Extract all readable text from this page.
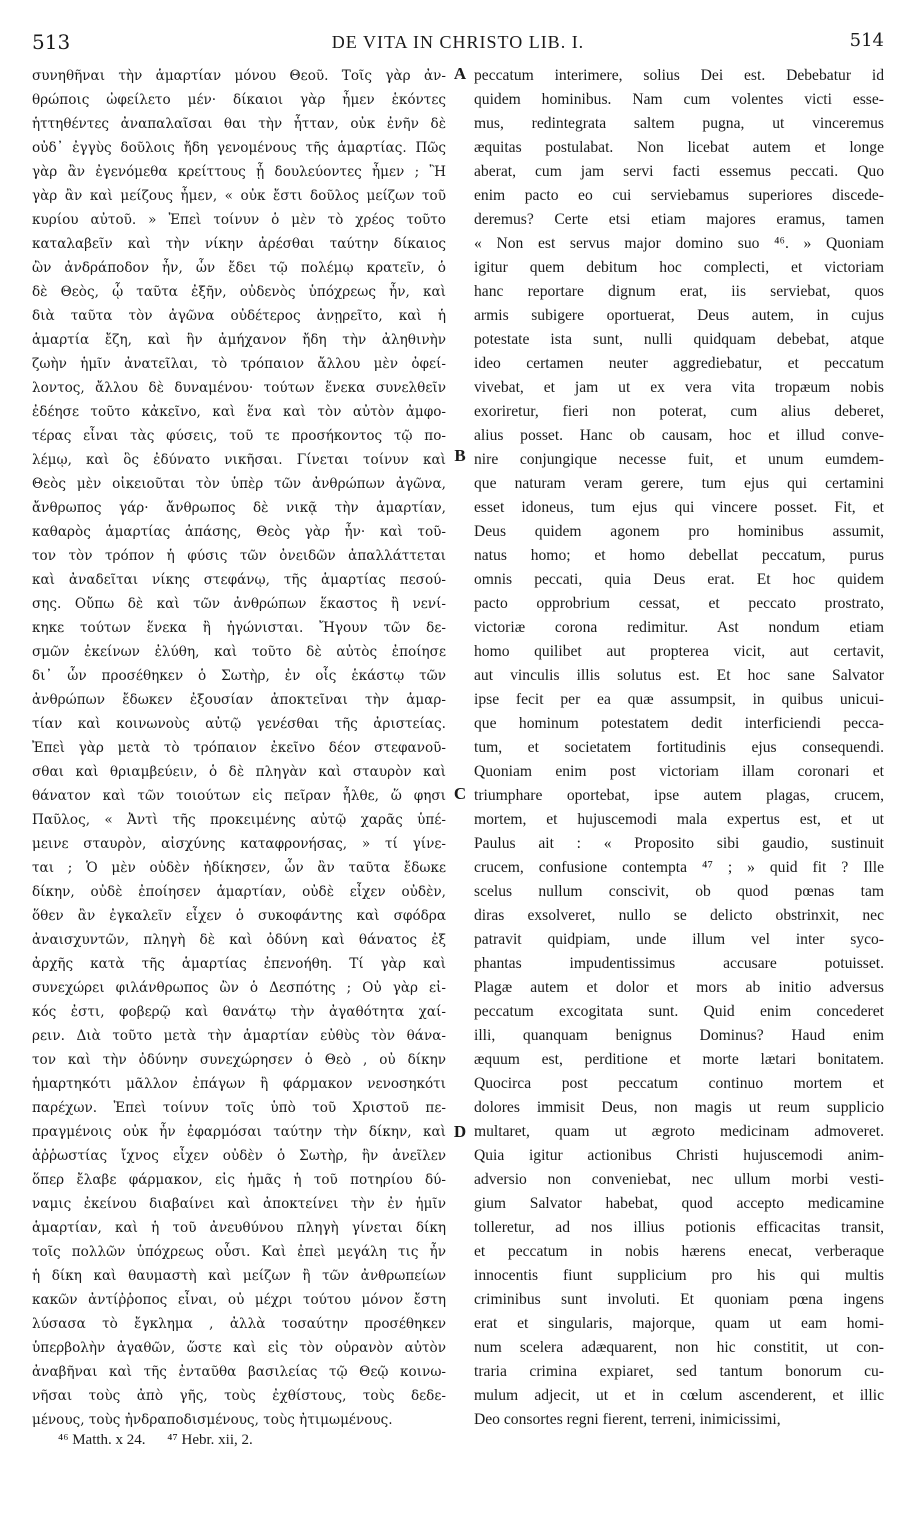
513	DE VITA IN CHRISTO LIB. I.	514
συνηθῆναι τὴν ἁμαρτίαν μόνου Θεοῦ. Τοῖς γὰρ ἀν-
θρώποις ὠφείλετο μέν· δίκαιοι γὰρ ἦμεν ἑκόντες
ἡττηθέντες ἀναπαλαῖσαι θαι τὴν ἧτταν, οὐκ ἐνῆν δὲ
οὐδ᾽ ἐγγὺς δοῦλοις ἤδη γενομένους τῆς ἁμαρτίας. Πῶς
γὰρ ἂν ἐγενόμεθα κρείττους ᾗ δουλεύοντες ἦμεν ; Ἢ
γὰρ ἂν καὶ μείζους ἦμεν, « οὐκ ἔστι δοῦλος μείζων τοῦ
κυρίου αὐτοῦ. » Ἐπεὶ τοίνυν ὁ μὲν τὸ χρέος τοῦτο
καταλαβεῖν καὶ τὴν νίκην ἀρέσθαι ταύτην δίκαιος
ὢν ἀνδράποδον ἦν, ὧν ἔδει τῷ πολέμῳ κρατεῖν, ὁ
δὲ Θεὸς, ᾧ ταῦτα ἐξῆν, οὐδενὸς ὑπόχρεως ἦν, καὶ
διὰ ταῦτα τὸν ἀγῶνα οὐδέτερος ἀνῃρεῖτο, καὶ ἡ
ἁμαρτία ἔζη, καὶ ἣν ἀμήχανον ἤδη τὴν ἀληθινὴν
ζωὴν ἡμῖν ἀνατεῖλαι, τὸ τρόπαιον ἄλλου μὲν ὀφεί-
λοντος, ἄλλου δὲ δυναμένου· τούτων ἕνεκα συνελθεῖν
ἐδέησε τοῦτο κἀκεῖνο, καὶ ἕνα καὶ τὸν αὐτὸν ἀμφο-
τέρας εἶναι τὰς φύσεις, τοῦ τε προσήκοντος τῷ πο-
λέμῳ, καὶ ὃς ἐδύνατο νικῆσαι. Γίνεται τοίνυν καὶ
Θεὸς μὲν οἰκειοῦται τὸν ὑπὲρ τῶν ἀνθρώπων ἀγῶνα,
ἄνθρωπος γάρ· ἄνθρωπος δὲ νικᾷ τὴν ἁμαρτίαν,
καθαρὸς ἁμαρτίας ἁπάσης, Θεὸς γὰρ ἦν· καὶ τοῦ-
τον τὸν τρόπον ἡ φύσις τῶν ὀνειδῶν ἀπαλλάττεται
καὶ ἀναδεῖται νίκης στεφάνῳ, τῆς ἁμαρτίας πεσού-
σης. Οὔπω δὲ καὶ τῶν ἀνθρώπων ἕκαστος ἢ νενί-
κηκε τούτων ἕνεκα ἢ ἠγώνισται. Ἤγουν τῶν δε-
σμῶν ἐκείνων ἐλύθη, καὶ τοῦτο δὲ αὐτὸς ἐποίησε
δι᾽ ὧν προσέθηκεν ὁ Σωτὴρ, ἐν οἷς ἑκάστῳ τῶν
ἀνθρώπων ἔδωκεν ἐξουσίαν ἀποκτεῖναι τὴν ἁμαρ-
τίαν καὶ κοινωνοὺς αὐτῷ γενέσθαι τῆς ἀριστείας.
Ἐπεὶ γὰρ μετὰ τὸ τρόπαιον ἐκεῖνο δέον στεφανοῦ-
σθαι καὶ θριαμβεύειν, ὁ δὲ πληγὰν καὶ σταυρὸν καὶ
θάνατον καὶ τῶν τοιούτων εἰς πεῖραν ἦλθε, ὥ φησι
Παῦλος, « Ἀντὶ τῆς προκειμένης αὐτῷ χαρᾶς ὑπέ-
μεινε σταυρὸν, αἰσχύνης καταφρονήσας, » τί γίνε-
ται ; Ὁ μὲν οὐδὲν ἠδίκησεν, ὧν ἂν ταῦτα ἔδωκε
δίκην, οὐδὲ ἐποίησεν ἁμαρτίαν, οὐδὲ εἶχεν οὐδὲν,
ὅθεν ἂν ἐγκαλεῖν εἶχεν ὁ συκοφάντης καὶ σφόδρα
ἀναισχυντῶν, πληγὴ δὲ καὶ ὀδύνη καὶ θάνατος ἐξ
ἀρχῆς κατὰ τῆς ἁμαρτίας ἐπενοήθη. Τί γὰρ καὶ
συνεχώρει φιλάνθρωπος ὢν ὁ Δεσπότης ; Οὐ γὰρ εἰ-
κός ἐστι, φοβερῷ καὶ θανάτῳ τὴν ἀγαθότητα χαί-
ρειν. Διὰ τοῦτο μετὰ τὴν ἁμαρτίαν εὐθὺς τὸν θάνα-
τον καὶ τὴν ὀδύνην συνεχώρησεν ὁ Θεὸ , οὐ δίκην
ἡμαρτηκότι μᾶλλον ἐπάγων ἢ φάρμακον νενοσηκότι
παρέχων. Ἐπεὶ τοίνυν τοῖς ὑπὸ τοῦ Χριστοῦ πε-
πραγμένοις οὐκ ἦν ἐφαρμόσαι ταύτην τὴν δίκην, καὶ
ἀῤῥωστίας ἴχνος εἶχεν οὐδὲν ὁ Σωτὴρ, ἣν ἀνεῖλεν
ὅπερ ἔλαβε φάρμακον, εἰς ἡμᾶς ἡ τοῦ ποτηρίου δύ-
ναμις ἐκείνου διαβαίνει καὶ ἀποκτείνει τὴν ἐν ἡμῖν
ἁμαρτίαν, καὶ ἡ τοῦ ἀνευθύνου πληγὴ γίνεται δίκη
τοῖς πολλῶν ὑπόχρεως οὖσι. Καὶ ἐπεὶ μεγάλη τις ἦν
ἡ δίκη καὶ θαυμαστὴ καὶ μείζων ἢ τῶν ἀνθρωπείων
κακῶν ἀντίῤῥοπος εἶναι, οὐ μέχρι τούτου μόνον ἔστη
λύσασα τὸ ἔγκλημα , ἀλλὰ τοσαύτην προσέθηκεν
ὑπερβολὴν ἀγαθῶν, ὥστε καὶ εἰς τὸν οὐρανὸν αὐτὸν
ἀναβῆναι καὶ τῆς ἐνταῦθα βασιλείας τῷ Θεῷ κοινω-
νῆσαι τοὺς ἀπὸ γῆς, τοὺς ἐχθίστους, τοὺς δεδε-
μένους, τοὺς ἠνδραποδισμένους, τοὺς ἠτιμωμένους.
peccatum interimere, solius Dei est. Debebatur id
quidem hominibus. Nam cum volentes victi esse-
mus, redintegrata saltem pugna, ut vinceremus
æquitas postulabat. Non licebat autem et longe
aberat, cum jam servi facti essemus peccati. Quo
enim pacto eo cui serviebamus superiores discede-
deremus? Certe etsi etiam majores eramus, tamen
« Non est servus major domino suo ⁴⁶. » Quoniam
igitur quem debitum hoc complecti, et victoriam
hanc reportare dignum erat, iis serviebat, quos
armis subigere oportuerat, Deus autem, in cujus
potestate ista sunt, nulli quidquam debebat, atque
ideo certamen neuter aggrediebatur, et peccatum
vivebat, et jam ut ex vera vita tropæum nobis
exoriretur, fieri non poterat, cum alius deberet,
alius posset. Hanc ob causam, hoc et illud conve-
nire conjungique necesse fuit, et unum eumdem-
que naturam veram gerere, tum ejus qui certamini
esset idoneus, tum ejus qui vincere posset. Fit, et
Deus quidem agonem pro hominibus assumit,
natus homo; et homo debellat peccatum, purus
omnis peccati, quia Deus erat. Et hoc quidem
pacto opprobrium cessat, et peccato prostrato,
victoriæ corona redimitur. Ast nondum etiam
homo quilibet aut propterea vicit, aut certavit,
aut vinculis illis solutus est. Et hoc sane Salvator
ipse fecit per ea quæ assumpsit, in quibus unicui-
que hominum potestatem dedit interficiendi pecca-
tum, et societatem fortitudinis ejus consequendi.
Quoniam enim post victoriam illam coronari et
triumphare oportebat, ipse autem plagas, crucem,
mortem, et hujuscemodi mala expertus est, et ut
Paulus ait : « Proposito sibi gaudio, sustinuit
crucem, confusione contempta ⁴⁷ ; » quid fit ? Ille
scelus nullum conscivit, ob quod pœnas tam
diras exsolveret, nullo se delicto obstrinxit, nec
patravit quidpiam, unde illum vel inter syco-
phantas impudentissimus accusare potuisset.
Plagæ autem et dolor et mors ab initio adversus
peccatum excogitata sunt. Quid enim concederet
illi, quanquam benignus Dominus? Haud enim
æquum est, perditione et morte lætari bonitatem.
Quocirca post peccatum continuo mortem et
dolores immisit Deus, non magis ut reum supplicio
multaret, quam ut ægroto medicinam admoveret.
Quia igitur actionibus Christi hujuscemodi anim-
adversio non conveniebat, nec ullum morbi vesti-
gium Salvator habebat, quod accepto medicamine
tolleretur, ad nos illius potionis efficacitas transit,
et peccatum in nobis hærens enecat, verberaque
innocentis fiunt supplicium pro his qui multis
criminibus sunt involuti. Et quoniam pœna ingens
erat et singularis, majorque, quam ut eam homi-
num scelera adæquarent, non hic constitit, ut con-
traria crimina expiaret, sed tantum bonorum cu-
mulum adjecit, ut et in cœlum ascenderent, et illic
Deo consortes regni fierent, terreni, inimicissimi,
A
B
C
D
⁴⁶ Matth. x 24. ⁴⁷ Hebr. xii, 2.
